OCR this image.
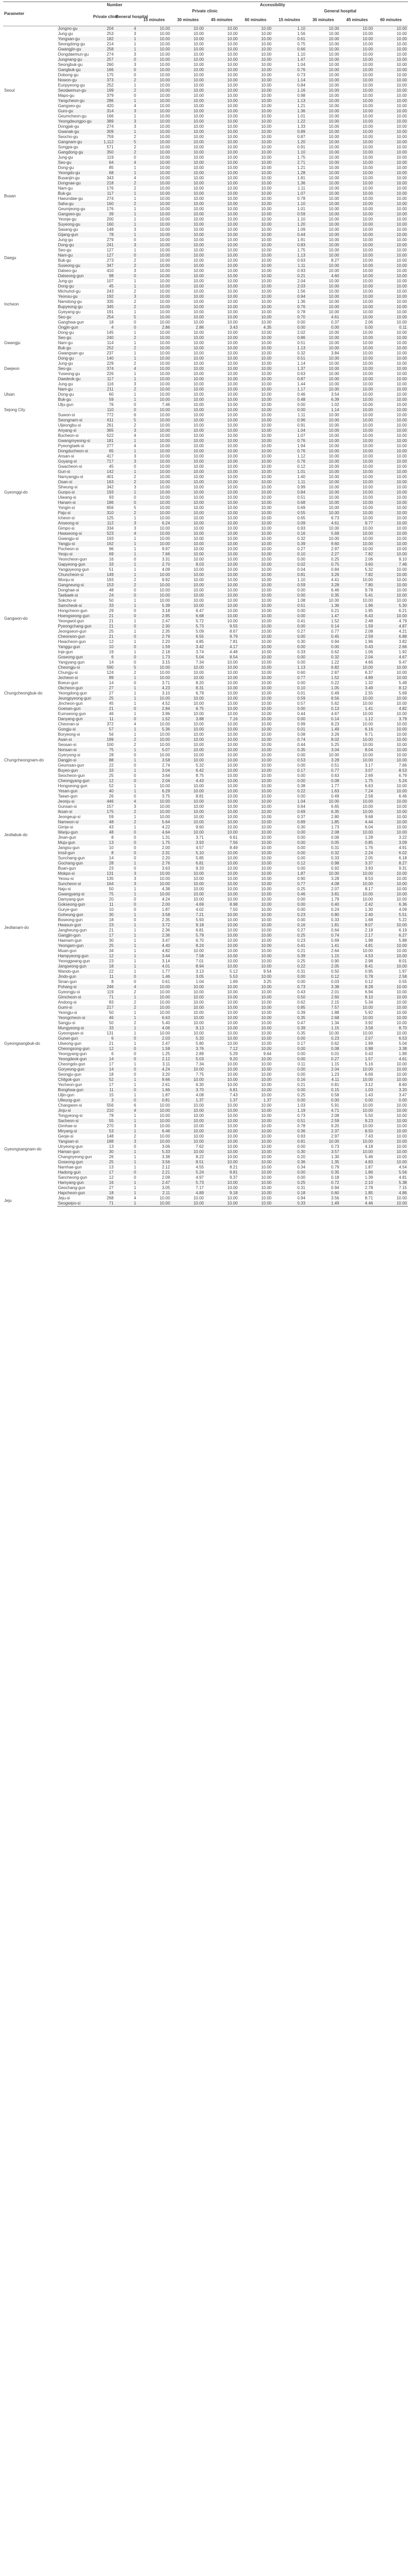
Parameter		Number		Accessibility							
		Private clinic	General hospital	Private clinic				General hospital			
				15 minutes	30 minutes	45 minutes	60 minutes	15 minutes	30 minutes	45 minutes	60 minutes
Seoul	Jongno-gu	204	4	10.00	10.00	10.00	10.00	1.10	10.00	10.00	10.00
	Jung-gu	253	3	10.00	10.00	10.00	10.00	1.56	10.00	10.00	10.00
	Yongsan-gu	182	1	10.00	10.00	10.00	10.00	0.61	10.00	10.00	10.00
	Seongdong-gu	214	1	10.00	10.00	10.00	10.00	0.75	10.00	10.00	10.00
	Gwangjin-gu	258	1	10.00	10.00	10.00	10.00	0.66	10.00	10.00	10.00
	Dongdaemun-gu	274	3	10.00	10.00	10.00	10.00	1.10	10.00	10.00	10.00
	Jungnang-gu	257	0	10.00	10.00	10.00	10.00	1.47	10.00	10.00	10.00
	Seongbuk-gu	260	3	10.00	10.00	10.00	10.00	1.04	10.00	10.00	10.00
	Gangbuk-gu	166	0	10.00	10.00	10.00	10.00	0.76	10.00	10.00	10.00
	Dobong-gu	175	0	10.00	10.00	10.00	10.00	0.73	10.00	10.00	10.00
	Nowon-gu	373	2	10.00	10.00	10.00	10.00	1.14	10.00	10.00	10.00
	Eunpyeong-gu	252	1	10.00	10.00	10.00	10.00	0.84	10.00	10.00	10.00
	Seodaemun-gu	199	2	10.00	10.00	10.00	10.00	1.16	10.00	10.00	10.00
	Mapo-gu	379	0	10.00	10.00	10.00	10.00	0.98	10.00	10.00	10.00
	Yangcheon-gu	286	1	10.00	10.00	10.00	10.00	1.13	10.00	10.00	10.00
	Gangseo-gu	420	4	10.00	10.00	10.00	10.00	1.21	10.00	10.00	10.00
	Guro-gu	314	3	10.00	10.00	10.00	10.00	1.36	10.00	10.00	10.00
	Geumcheon-gu	166	1	10.00	10.00	10.00	10.00	1.01	10.00	10.00	10.00
	Yeongdeungpo-gu	389	3	10.00	10.00	10.00	10.00	1.22	10.00	10.00	10.00
	Dongjak-gu	274	3	10.00	10.00	10.00	10.00	1.33	10.00	10.00	10.00
	Gwanak-gu	309	1	10.00	10.00	10.00	10.00	0.89	10.00	10.00	10.00
	Seocho-gu	759	2	10.00	10.00	10.00	10.00	0.87	10.00	10.00	10.00
	Gangnam-gu	1,112	5	10.00	10.00	10.00	10.00	1.20	10.00	10.00	10.00
	Songpa-gu	571	2	10.00	10.00	10.00	10.00	0.91	10.00	10.00	10.00
	Gangdong-gu	350	2	10.00	10.00	10.00	10.00	1.10	10.00	10.00	10.00
Busan	Jung-gu	119	0	10.00	10.00	10.00	10.00	1.75	10.00	10.00	10.00
	Seo-gu	64	4	10.00	10.00	10.00	10.00	2.71	10.00	10.00	10.00
	Dong-gu	85	1	10.00	10.00	10.00	10.00	1.21	10.00	10.00	10.00
	Yeongdo-gu	68	1	10.00	10.00	10.00	10.00	1.28	10.00	10.00	10.00
	Busanjin-gu	343	4	10.00	10.00	10.00	10.00	1.81	10.00	10.00	10.00
	Dongnae-gu	218	2	10.00	10.00	10.00	10.00	1.36	10.00	10.00	10.00
	Nam-gu	176	2	10.00	10.00	10.00	10.00	1.11	10.00	10.00	10.00
	Buk-gu	117	1	10.00	10.00	10.00	10.00	1.07	10.00	10.00	10.00
	Haeundae-gu	274	1	10.00	10.00	10.00	10.00	0.78	10.00	10.00	10.00
	Saha-gu	160	2	10.00	10.00	10.00	10.00	1.10	10.00	10.00	10.00
	Geumjeong-gu	176	1	10.00	10.00	10.00	10.00	1.01	10.00	10.00	10.00
	Gangseo-gu	39	1	10.00	10.00	10.00	10.00	0.59	10.00	10.00	10.00
	Yeonje-gu	200	1	10.00	10.00	10.00	10.00	1.10	10.00	10.00	10.00
	Suyeong-gu	160	1	10.00	10.00	10.00	10.00	1.20	10.00	10.00	10.00
	Sasang-gu	148	3	10.00	10.00	10.00	10.00	1.09	10.00	10.00	10.00
	Gijang-gun	78	1	10.00	10.00	10.00	10.00	0.44	10.00	10.00	10.00
Daegu	Jung-gu	279	0	10.00	10.00	10.00	10.00	1.91	10.00	10.00	10.00
	Dong-gu	241	3	10.00	10.00	10.00	10.00	0.83	10.00	10.00	10.00
	Seo-gu	127	1	10.00	10.00	10.00	10.00	1.75	10.00	10.00	10.00
	Nam-gu	127	0	10.00	10.00	10.00	10.00	1.13	10.00	10.00	10.00
	Buk-gu	273	2	10.00	10.00	10.00	10.00	0.63	8.27	10.00	10.00
	Suseong-gu	347	2	10.00	10.00	10.00	10.00	1.11	10.00	10.00	10.00
	Dalseo-gu	410	3	10.00	10.00	10.00	10.00	0.93	10.00	10.00	10.00
	Dalseong-gun	98	0	10.00	10.00	10.00	10.00	0.21	4.60	10.00	10.00
Incheon	Jung-gu	107	1	10.00	10.00	10.00	10.00	2.04	10.00	10.00	10.00
	Dong-gu	45	1	10.00	10.00	10.00	10.00	2.03	10.00	10.00	10.00
	Michuhol-gu	243	2	10.00	10.00	10.00	10.00	1.56	10.00	10.00	10.00
	Yeonsu-gu	192	3	10.00	10.00	10.00	10.00	0.94	10.00	10.00	10.00
	Namdong-gu	335	2	10.00	10.00	10.00	10.00	1.36	10.00	10.00	10.00
	Bupyeong-gu	345	2	10.00	10.00	10.00	10.00	0.76	10.00	10.00	10.00
	Gyeyang-gu	191	1	10.00	10.00	10.00	10.00	0.78	10.00	10.00	10.00
	Seo-gu	254	5	10.00	10.00	10.00	10.00	0.70	4.61	10.00	10.00
	Ganghwa-gun	18	0	10.00	10.00	10.00	10.00	0.00	0.37	2.06	10.00
	Ongjin-gun	4	0	2.86	2.86	3.43	4.35	0.00	0.00	0.00	0.11
Gwangju	Dong-gu	145	1	10.00	10.00	10.00	10.00	2.02	10.00	10.00	10.00
	Seo-gu	240	2	10.00	10.00	10.00	10.00	0.86	10.00	10.00	10.00
	Nam-gu	114	1	10.00	10.00	10.00	10.00	0.51	10.00	10.00	10.00
	Buk-gu	252	2	10.00	10.00	10.00	10.00	1.13	10.00	10.00	10.00
	Gwangsan-gu	237	1	10.00	10.00	10.00	10.00	0.32	3.84	10.00	10.00
Daejeon	Dong-gu	140	1	10.00	10.00	10.00	10.00	0.51	10.00	10.00	10.00
	Jung-gu	229	2	10.00	10.00	10.00	10.00	1.14	10.00	10.00	10.00
	Seo-gu	374	4	10.00	10.00	10.00	10.00	1.37	10.00	10.00	10.00
	Yuseong-gu	226	1	10.00	10.00	10.00	10.00	0.63	10.00	10.00	10.00
	Daedeok-gu	117	1	10.00	10.00	10.00	10.00	0.87	10.00	10.00	10.00
Ulsan	Jung-gu	116	3	10.00	10.00	10.00	10.00	1.44	10.00	10.00	10.00
	Nam-gu	211	2	10.00	10.00	10.00	10.00	1.17	10.00	10.00	10.00
	Dong-gu	60	1	10.00	10.00	10.00	10.00	0.46	3.54	10.00	10.00
	Buk-gu	59	1	10.00	10.00	10.00	10.00	0.48	6.39	10.00	10.00
	Ulju-gun	76	0	7.46	10.00	10.00	10.00	0.00	1.02	10.00	10.00
Sejong City		110	0	10.00	10.00	10.00	10.00	0.00	1.14	10.00	10.00
Gyeonggi-do	Suwon-si	772	6	10.00	10.00	10.00	10.00	1.11	10.00	10.00	10.00
	Seongnam-si	611	5	10.00	10.00	10.00	10.00	0.96	10.00	10.00	10.00
	Uijeongbu-si	261	2	10.00	10.00	10.00	10.00	0.91	10.00	10.00	10.00
	Anyang-si	365	3	10.00	10.00	10.00	10.00	1.04	10.00	10.00	10.00
	Bucheon-si	522	4	10.00	10.00	10.00	10.00	1.07	10.00	10.00	10.00
	Gwangmyeong-si	181	1	10.00	10.00	10.00	10.00	0.76	10.00	10.00	10.00
	Pyeongtaek-si	277	4	10.00	10.00	10.00	10.00	1.94	10.00	10.00	10.00
	Dongducheon-si	65	1	10.00	10.00	10.00	10.00	0.76	10.00	10.00	10.00
	Ansan-si	417	3	10.00	10.00	10.00	10.00	1.12	10.00	10.00	10.00
	Goyang-si	717	3	10.00	10.00	10.00	10.00	0.76	10.00	10.00	10.00
	Gwacheon-si	45	0	10.00	10.00	10.00	10.00	0.12	10.00	10.00	10.00
	Guri-si	142	1	10.00	10.00	10.00	10.00	1.01	10.00	10.00	10.00
	Namyangju-si	401	2	10.00	10.00	10.00	10.00	1.40	10.00	10.00	10.00
	Osan-si	163	2	10.00	10.00	10.00	10.00	1.11	10.00	10.00	10.00
	Siheung-si	342	3	10.00	10.00	10.00	10.00	0.99	10.00	10.00	10.00
	Gunpo-si	193	1	10.00	10.00	10.00	10.00	0.84	10.00	10.00	10.00
	Uiwang-si	93	0	10.00	10.00	10.00	10.00	0.51	10.00	10.00	10.00
	Hanam-si	186	0	10.00	10.00	10.00	10.00	0.68	10.00	10.00	10.00
	Yongin-si	656	5	10.00	10.00	10.00	10.00	0.69	10.00	10.00	10.00
	Paju-si	310	2	10.00	10.00	10.00	10.00	0.55	10.00	10.00	10.00
	Icheon-si	125	1	10.00	10.00	10.00	10.00	0.65	6.73	10.00	10.00
	Anseong-si	112	3	6.24	10.00	10.00	10.00	0.09	4.61	9.77	10.00
	Gimpo-si	334	3	10.00	10.00	10.00	10.00	0.93	10.00	10.00	10.00
	Hwaseong-si	523	4	10.00	10.00	10.00	10.00	0.16	5.69	10.00	10.00
	Gwangju-si	193	1	10.00	10.00	10.00	10.00	0.32	10.00	10.00	10.00
	Yangju-si	162	1	10.00	10.00	10.00	10.00	0.39	9.60	10.00	10.00
	Pocheon-si	96	1	9.97	10.00	10.00	10.00	0.27	2.97	10.00	10.00
	Yeoju-si	69	1	7.66	10.00	10.00	10.00	0.10	2.27	7.82	10.00
	Yeoncheon-gun	16	0	3.31	10.00	10.00	10.00	0.00	0.25	2.06	9.10
	Gapyeong-gun	33	1	2.70	8.03	10.00	10.00	0.02	0.75	3.60	7.46
	Yangpyeong-gun	51	1	4.09	10.00	10.00	10.00	0.04	0.84	5.32	10.00
Gangwon-do	Chuncheon-si	149	1	10.00	10.00	10.00	10.00	0.81	3.26	7.82	10.00
	Wonju-si	193	2	9.92	10.00	10.00	10.00	1.10	4.41	10.00	10.00
	Gangneung-si	153	2	10.00	10.00	10.00	10.00	0.59	3.28	7.80	10.00
	Donghae-si	48	0	10.00	10.00	10.00	10.00	0.00	6.46	9.78	10.00
	Taebaek-si	24	0	10.00	10.00	10.00	10.00	0.00	0.35	5.41	10.00
	Sokcho-si	50	1	10.00	10.00	10.00	10.00	1.08	10.00	10.00	10.00
	Samcheok-si	33	1	5.39	10.00	10.00	10.00	0.51	1.36	1.96	5.30
	Hongcheon-gun	29	0	3.18	6.47	10.00	10.00	0.00	0.21	1.95	6.21
	Hoengseong-gun	21	0	2.95	6.68	10.00	10.00	0.00	1.47	6.43	10.00
	Yeongwol-gun	21	1	2.47	5.72	10.00	10.00	0.41	1.52	2.48	4.79
	Pyeongchang-gun	21	0	2.30	5.73	9.55	10.00	0.00	0.14	1.59	4.87
	Jeongseon-gun	25	1	2.35	5.09	8.67	10.00	0.27	0.77	2.08	4.21
	Cheorwon-gun	21	0	2.79	6.55	9.79	10.00	0.00	0.45	2.59	6.88
	Hwacheon-gun	12	1	2.20	4.85	7.81	10.00	0.30	0.94	1.96	3.82
	Yanggu-gun	10	0	1.59	3.42	4.17	10.00	0.00	0.00	0.43	2.66
	Inje-gun	19	1	2.18	3.74	4.48	10.00	0.33	0.62	1.06	1.92
	Goseong-gun	6	0	1.73	5.04	8.54	10.00	0.00	0.32	2.04	4.67
	Yangyang-gun	14	0	3.15	7.34	10.00	10.00	0.00	1.22	4.66	9.47
Chungcheongbuk-do	Cheongju-si	590	5	10.00	10.00	10.00	10.00	1.13	6.82	10.00	10.00
	Chungju-si	124	2	10.00	10.00	10.00	10.00	0.60	2.87	6.37	10.00
	Jecheon-si	89	1	10.00	10.00	10.00	10.00	0.77	1.52	4.89	10.00
	Boeun-gun	14	0	3.71	8.20	10.00	10.00	0.00	0.22	1.32	5.49
	Okcheon-gun	27	1	4.23	8.31	10.00	10.00	0.10	1.05	3.49	8.12
	Yeongdong-gun	27	1	3.10	6.79	10.00	10.00	0.01	0.49	2.55	5.69
	Jeungpyeong-gun	25	1	10.00	10.00	10.00	10.00	0.59	8.56	10.00	10.00
	Jincheon-gun	45	1	4.52	10.00	10.00	10.00	0.57	5.62	10.00	10.00
	Goesan-gun	21	0	2.84	6.75	10.00	10.00	0.00	0.13	1.41	4.82
	Eumseong-gun	46	1	3.96	10.00	10.00	10.00	0.44	4.67	10.00	10.00
	Danyang-gun	11	0	1.52	3.88	7.16	10.00	0.00	0.14	1.12	3.79
Chungcheongnam-do	Cheonan-si	372	4	10.00	10.00	10.00	10.00	0.99	8.23	10.00	10.00
	Gongju-si	57	1	5.36	10.00	10.00	10.00	0.01	1.49	6.16	10.00
	Boryeong-si	56	1	10.00	10.00	10.00	10.00	0.08	3.26	9.71	10.00
	Asan-si	199	2	10.00	10.00	10.00	10.00	0.74	8.02	10.00	10.00
	Seosan-si	100	2	10.00	10.00	10.00	10.00	0.44	5.25	10.00	10.00
	Nonsan-si	75	1	5.07	10.00	10.00	10.00	0.35	3.04	8.04	10.00
	Gyeryong-si	28	0	10.00	10.00	10.00	10.00	0.00	10.00	10.00	10.00
	Dangjin-si	88	1	3.58	10.00	10.00	10.00	0.53	3.28	10.00	10.00
	Geumsan-gun	22	0	2.74	5.32	10.00	10.00	0.00	0.51	3.17	7.66
	Buyeo-gun	33	1	3.04	6.42	10.00	10.00	0.17	0.77	3.07	8.53
	Seocheon-gun	25	0	3.64	8.75	10.00	10.00	0.00	0.63	2.69	6.79
	Cheongyang-gun	12	0	2.04	4.43	10.00	10.00	0.00	0.08	1.75	5.24
	Hongseong-gun	52	1	10.00	10.00	10.00	10.00	0.38	1.77	6.63	10.00
	Yesan-gun	40	1	6.29	10.00	10.00	10.00	0.22	1.63	7.24	10.00
	Taean-gun	26	0	3.75	8.81	10.00	10.00	0.00	0.49	2.58	6.46
Jeollabuk-do	Jeonju-si	446	4	10.00	10.00	10.00	10.00	1.04	10.00	10.00	10.00
	Gunsan-si	157	3	10.00	10.00	10.00	10.00	0.64	6.65	10.00	10.00
	Iksan-si	175	2	10.00	10.00	10.00	10.00	0.69	6.35	10.00	10.00
	Jeongeup-si	59	1	10.00	10.00	10.00	10.00	0.37	2.80	9.68	10.00
	Namwon-si	48	2	5.64	10.00	10.00	10.00	0.89	1.85	4.44	10.00
	Gimje-si	43	1	4.22	9.60	10.00	10.00	0.30	1.73	6.04	10.00
	Wanju-gun	48	0	4.64	10.00	10.00	10.00	0.00	2.08	10.00	10.00
	Jinan-gun	8	0	1.31	3.71	6.61	10.00	0.00	0.06	1.28	3.22
	Muju-gun	13	0	1.75	3.93	7.56	10.00	0.00	0.05	0.85	3.09
	Jangsu-gun	10	0	2.00	4.57	8.49	10.00	0.00	0.31	1.76	4.91
	Imsil-gun	8	0	2.31	5.10	10.00	10.00	0.00	0.32	2.24	6.02
	Sunchang-gun	14	0	2.20	5.85	10.00	10.00	0.00	0.33	2.05	6.18
	Gochang-gun	28	1	2.76	6.81	10.00	10.00	0.12	0.98	3.37	8.27
	Buan-gun	23	0	3.63	9.33	10.00	10.00	0.00	0.92	3.93	9.31
Jeollanam-do	Mokpo-si	131	3	10.00	10.00	10.00	10.00	1.87	10.00	10.00	10.00
	Yeosu-si	135	3	10.00	10.00	10.00	10.00	0.90	3.28	8.53	10.00
	Suncheon-si	164	3	10.00	10.00	10.00	10.00	0.77	4.08	10.00	10.00
	Naju-si	50	1	4.38	10.00	10.00	10.00	0.25	2.07	8.17	10.00
	Gwangyang-si	75	1	10.00	10.00	10.00	10.00	0.46	3.81	10.00	10.00
	Damyang-gun	20	0	4.24	10.00	10.00	10.00	0.00	1.79	10.00	10.00
	Gokseong-gun	11	0	2.00	4.69	8.98	10.00	0.00	0.40	2.42	6.36
	Gurye-gun	10	0	1.87	4.02	7.50	10.00	0.00	0.24	1.30	4.09
	Goheung-gun	30	1	3.58	7.21	10.00	10.00	0.23	0.80	2.40	5.51
	Boseong-gun	18	0	2.35	5.93	10.00	10.00	0.00	0.33	1.68	5.22
	Hwasun-gun	23	1	3.72	9.18	10.00	10.00	0.16	1.81	8.07	10.00
	Jangheung-gun	21	1	2.36	6.81	10.00	10.00	0.27	0.64	2.18	6.19
	Gangjin-gun	17	1	2.36	5.79	10.00	10.00	0.25	0.74	2.17	6.27
	Haenam-gun	30	1	3.47	6.70	10.00	10.00	0.23	0.69	1.98	5.88
	Yeongam-gun	25	1	4.40	8.24	10.00	10.00	0.41	1.41	4.81	10.00
	Muan-gun	34	1	4.82	10.00	10.00	10.00	0.21	2.64	10.00	10.00
	Hampyeong-gun	12	1	3.44	7.58	10.00	10.00	0.39	1.15	4.53	10.00
	Yeonggwang-gun	23	1	3.14	7.01	10.00	10.00	0.25	0.90	2.98	8.01
	Jangseong-gun	18	1	4.01	8.94	10.00	10.00	0.22	2.05	8.41	10.00
	Wando-gun	22	1	1.77	3.13	5.12	9.54	0.31	0.50	0.95	1.97
	Jindo-gun	11	0	1.46	3.05	5.53	10.00	0.00	0.12	0.78	2.58
	Sinan-gun	8	0	0.61	1.04	1.69	3.25	0.00	0.03	0.12	0.55
Gyeongsangbuk-do	Pohang-si	246	4	10.00	10.00	10.00	10.00	0.73	3.38	8.28	10.00
	Gyeongju-si	119	2	10.00	10.00	10.00	10.00	0.43	2.01	6.94	10.00
	Gimcheon-si	71	1	10.00	10.00	10.00	10.00	0.50	2.60	8.10	10.00
	Andong-si	83	2	10.00	10.00	10.00	10.00	0.62	2.15	5.34	10.00
	Gumi-si	217	2	10.00	10.00	10.00	10.00	0.85	7.57	10.00	10.00
	Yeongju-si	50	1	10.00	10.00	10.00	10.00	0.39	1.88	5.92	10.00
	Yeongcheon-si	46	1	6.63	10.00	10.00	10.00	0.35	2.68	10.00	10.00
	Sangju-si	50	2	5.40	10.00	10.00	10.00	0.47	1.34	3.92	10.00
	Mungyeong-si	33	1	4.06	9.13	10.00	10.00	0.39	1.15	3.58	8.70
	Gyeongsan-si	131	1	10.00	10.00	10.00	10.00	0.35	10.00	10.00	10.00
	Gunwi-gun	6	0	2.03	5.33	10.00	10.00	0.00	0.23	2.07	6.53
	Uiseong-gun	21	1	2.47	5.80	10.00	10.00	0.17	0.62	1.99	5.04
	Cheongsong-gun	12	0	1.58	3.76	7.12	10.00	0.00	0.08	0.98	3.38
	Yeongyang-gun	6	0	1.25	2.89	5.29	9.64	0.00	0.01	0.43	1.89
	Yeongdeok-gun	14	0	2.12	5.03	9.20	10.00	0.00	0.27	1.57	4.61
	Cheongdo-gun	17	1	3.11	7.34	10.00	10.00	0.11	1.15	5.16	10.00
	Goryeong-gun	14	0	4.24	10.00	10.00	10.00	0.00	2.04	10.00	10.00
	Seongju-gun	18	0	3.20	7.75	10.00	10.00	0.00	1.23	6.69	10.00
	Chilgok-gun	52	1	9.66	10.00	10.00	10.00	0.16	4.11	10.00	10.00
	Yecheon-gun	17	1	2.61	6.30	10.00	10.00	0.21	0.81	3.12	8.60
	Bonghwa-gun	11	0	1.66	3.70	6.81	10.00	0.00	0.15	1.03	3.20
	Uljin-gun	15	1	1.87	4.08	7.43	10.00	0.25	0.58	1.43	3.47
	Ulleung-gun	3	0	0.81	1.37	1.37	1.37	0.00	0.00	0.00	0.00
Gyeongsangnam-do	Changwon-si	556	6	10.00	10.00	10.00	10.00	1.03	5.91	10.00	10.00
	Jinju-si	210	4	10.00	10.00	10.00	10.00	1.19	4.71	10.00	10.00
	Tongyeong-si	78	1	10.00	10.00	10.00	10.00	0.73	2.08	5.50	10.00
	Sacheon-si	55	1	10.00	10.00	10.00	10.00	0.51	2.59	9.23	10.00
	Gimhae-si	270	3	10.00	10.00	10.00	10.00	0.78	9.20	10.00	10.00
	Miryang-si	53	1	6.46	10.00	10.00	10.00	0.36	2.37	8.50	10.00
	Geoje-si	148	2	10.00	10.00	10.00	10.00	0.93	2.97	7.43	10.00
	Yangsan-si	188	3	10.00	10.00	10.00	10.00	0.81	10.00	10.00	10.00
	Uiryeong-gun	13	0	3.06	7.62	10.00	10.00	0.00	0.73	4.18	10.00
	Haman-gun	30	1	5.33	10.00	10.00	10.00	0.30	3.57	10.00	10.00
	Changnyeong-gun	26	1	3.38	8.22	10.00	10.00	0.20	1.30	5.46	10.00
	Goseong-gun	25	1	3.56	8.51	10.00	10.00	0.36	1.35	4.83	10.00
	Namhae-gun	13	1	2.12	4.55	8.21	10.00	0.34	0.79	1.87	4.54
	Hadong-gun	17	0	2.21	5.24	9.81	10.00	0.00	0.35	1.86	5.56
	Sancheong-gun	12	0	2.09	4.97	9.37	10.00	0.00	0.18	1.39	4.81
	Hamyang-gun	16	1	2.47	5.73	10.00	10.00	0.25	0.72	2.10	5.38
	Geochang-gun	27	1	3.05	7.17	10.00	10.00	0.31	0.94	2.78	7.15
	Hapcheon-gun	18	1	2.11	4.89	9.18	10.00	0.18	0.60	1.85	4.86
Jeju	Jeju-si	268	4	10.00	10.00	10.00	10.00	0.94	3.56	8.71	10.00
	Seogwipo-si	71	1	10.00	10.00	10.00	10.00	0.33	1.49	4.46	10.00
